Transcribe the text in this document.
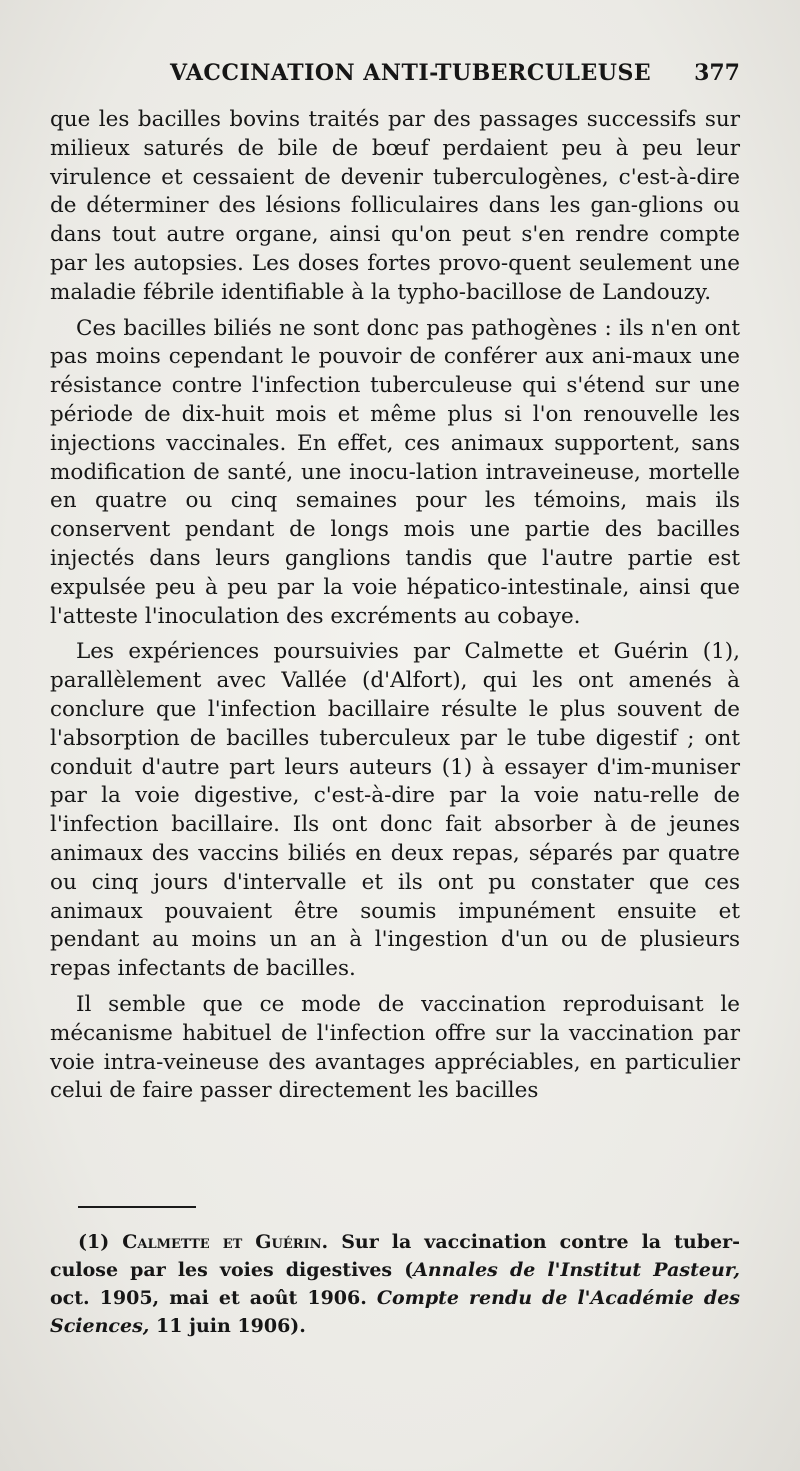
VACCINATION ANTI-TUBERCULEUSE 377

que les bacilles bovins traités par des passages successifs sur milieux saturés de bile de bœuf perdaient peu à peu leur virulence et cessaient de devenir tuberculogènes, c'est-à-dire de déterminer des lésions folliculaires dans les gan-glions ou dans tout autre organe, ainsi qu'on peut s'en rendre compte par les autopsies. Les doses fortes provo-quent seulement une maladie fébrile identifiable à la typho-bacillose de Landouzy.

Ces bacilles biliés ne sont donc pas pathogènes : ils n'en ont pas moins cependant le pouvoir de conférer aux ani-maux une résistance contre l'infection tuberculeuse qui s'étend sur une période de dix-huit mois et même plus si l'on renouvelle les injections vaccinales. En effet, ces animaux supportent, sans modification de santé, une inocu-lation intraveineuse, mortelle en quatre ou cinq semaines pour les témoins, mais ils conservent pendant de longs mois une partie des bacilles injectés dans leurs ganglions tandis que l'autre partie est expulsée peu à peu par la voie hépatico-intestinale, ainsi que l'atteste l'inoculation des excréments au cobaye.

Les expériences poursuivies par Calmette et Guérin (1), parallèlement avec Vallée (d'Alfort), qui les ont amenés à conclure que l'infection bacillaire résulte le plus souvent de l'absorption de bacilles tuberculeux par le tube digestif ; ont conduit d'autre part leurs auteurs (1) à essayer d'im-muniser par la voie digestive, c'est-à-dire par la voie natu-relle de l'infection bacillaire. Ils ont donc fait absorber à de jeunes animaux des vaccins biliés en deux repas, séparés par quatre ou cinq jours d'intervalle et ils ont pu constater que ces animaux pouvaient être soumis impunément ensuite et pendant au moins un an à l'ingestion d'un ou de plusieurs repas infectants de bacilles.

Il semble que ce mode de vaccination reproduisant le mécanisme habituel de l'infection offre sur la vaccination par voie intra-veineuse des avantages appréciables, en particulier celui de faire passer directement les bacilles

(1) Calmette et Guérin. Sur la vaccination contre la tuber-culose par les voies digestives (Annales de l'Institut Pasteur, oct. 1905, mai et août 1906. Compte rendu de l'Académie des Sciences, 11 juin 1906).
